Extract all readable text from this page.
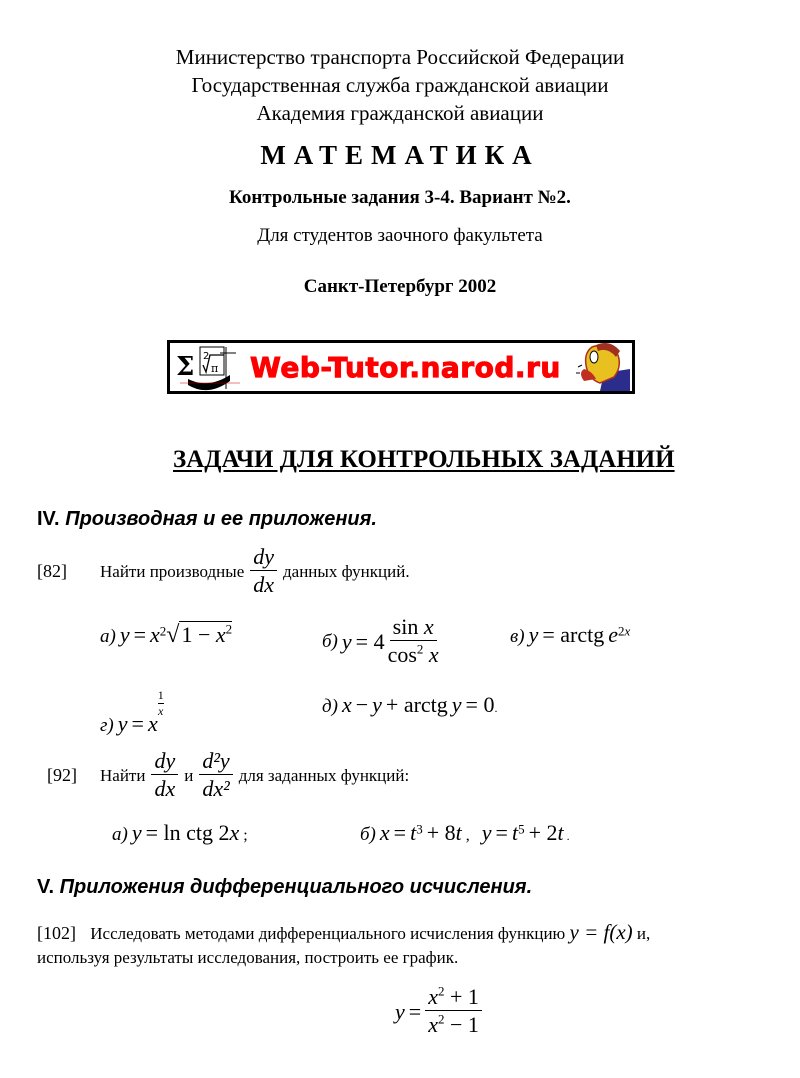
Министерство транспорта Российской Федерации
Государственная служба гражданской авиации
Академия гражданской авиации
МАТЕМАТИКА
Контрольные задания 3-4. Вариант №2.
Для студентов заочного факультета
Санкт-Петербург 2002
Σ 2
π Web-Tutor.narod.ru
ЗАДАЧИ ДЛЯ КОНТРОЛЬНЫХ ЗАДАНИЙ
IV. Производная и ее приложения.
[82]	Найти производные $\frac{dy}{dx}$ данных функций.
а) $y = x^2√1 - x^2$
б)
y
= $4 \frac{\text{sin x}}{\cos^2 x}$	в) y = arctg $e^{2x}$
г) y = x
$\frac{1}{x}$	д) x − y + arctg y = 0.
[92]	Найти $\frac{dy}{dx}$ и $\frac{\text{d²y}}{\text{dx²}}$ для заданных функций:
а) y = ln ctg 2x ;	б) $x = t^3 + 8t$ , $y = t^5 + 2t$ .
V. Приложения дифференциального исчисления.
[102] Исследовать методами дифференциального исчисления функцию y = f(x) и,
используя результаты исследования, построить ее график.
$y = \frac{x^2 + 1}{x^2 - 1}$
